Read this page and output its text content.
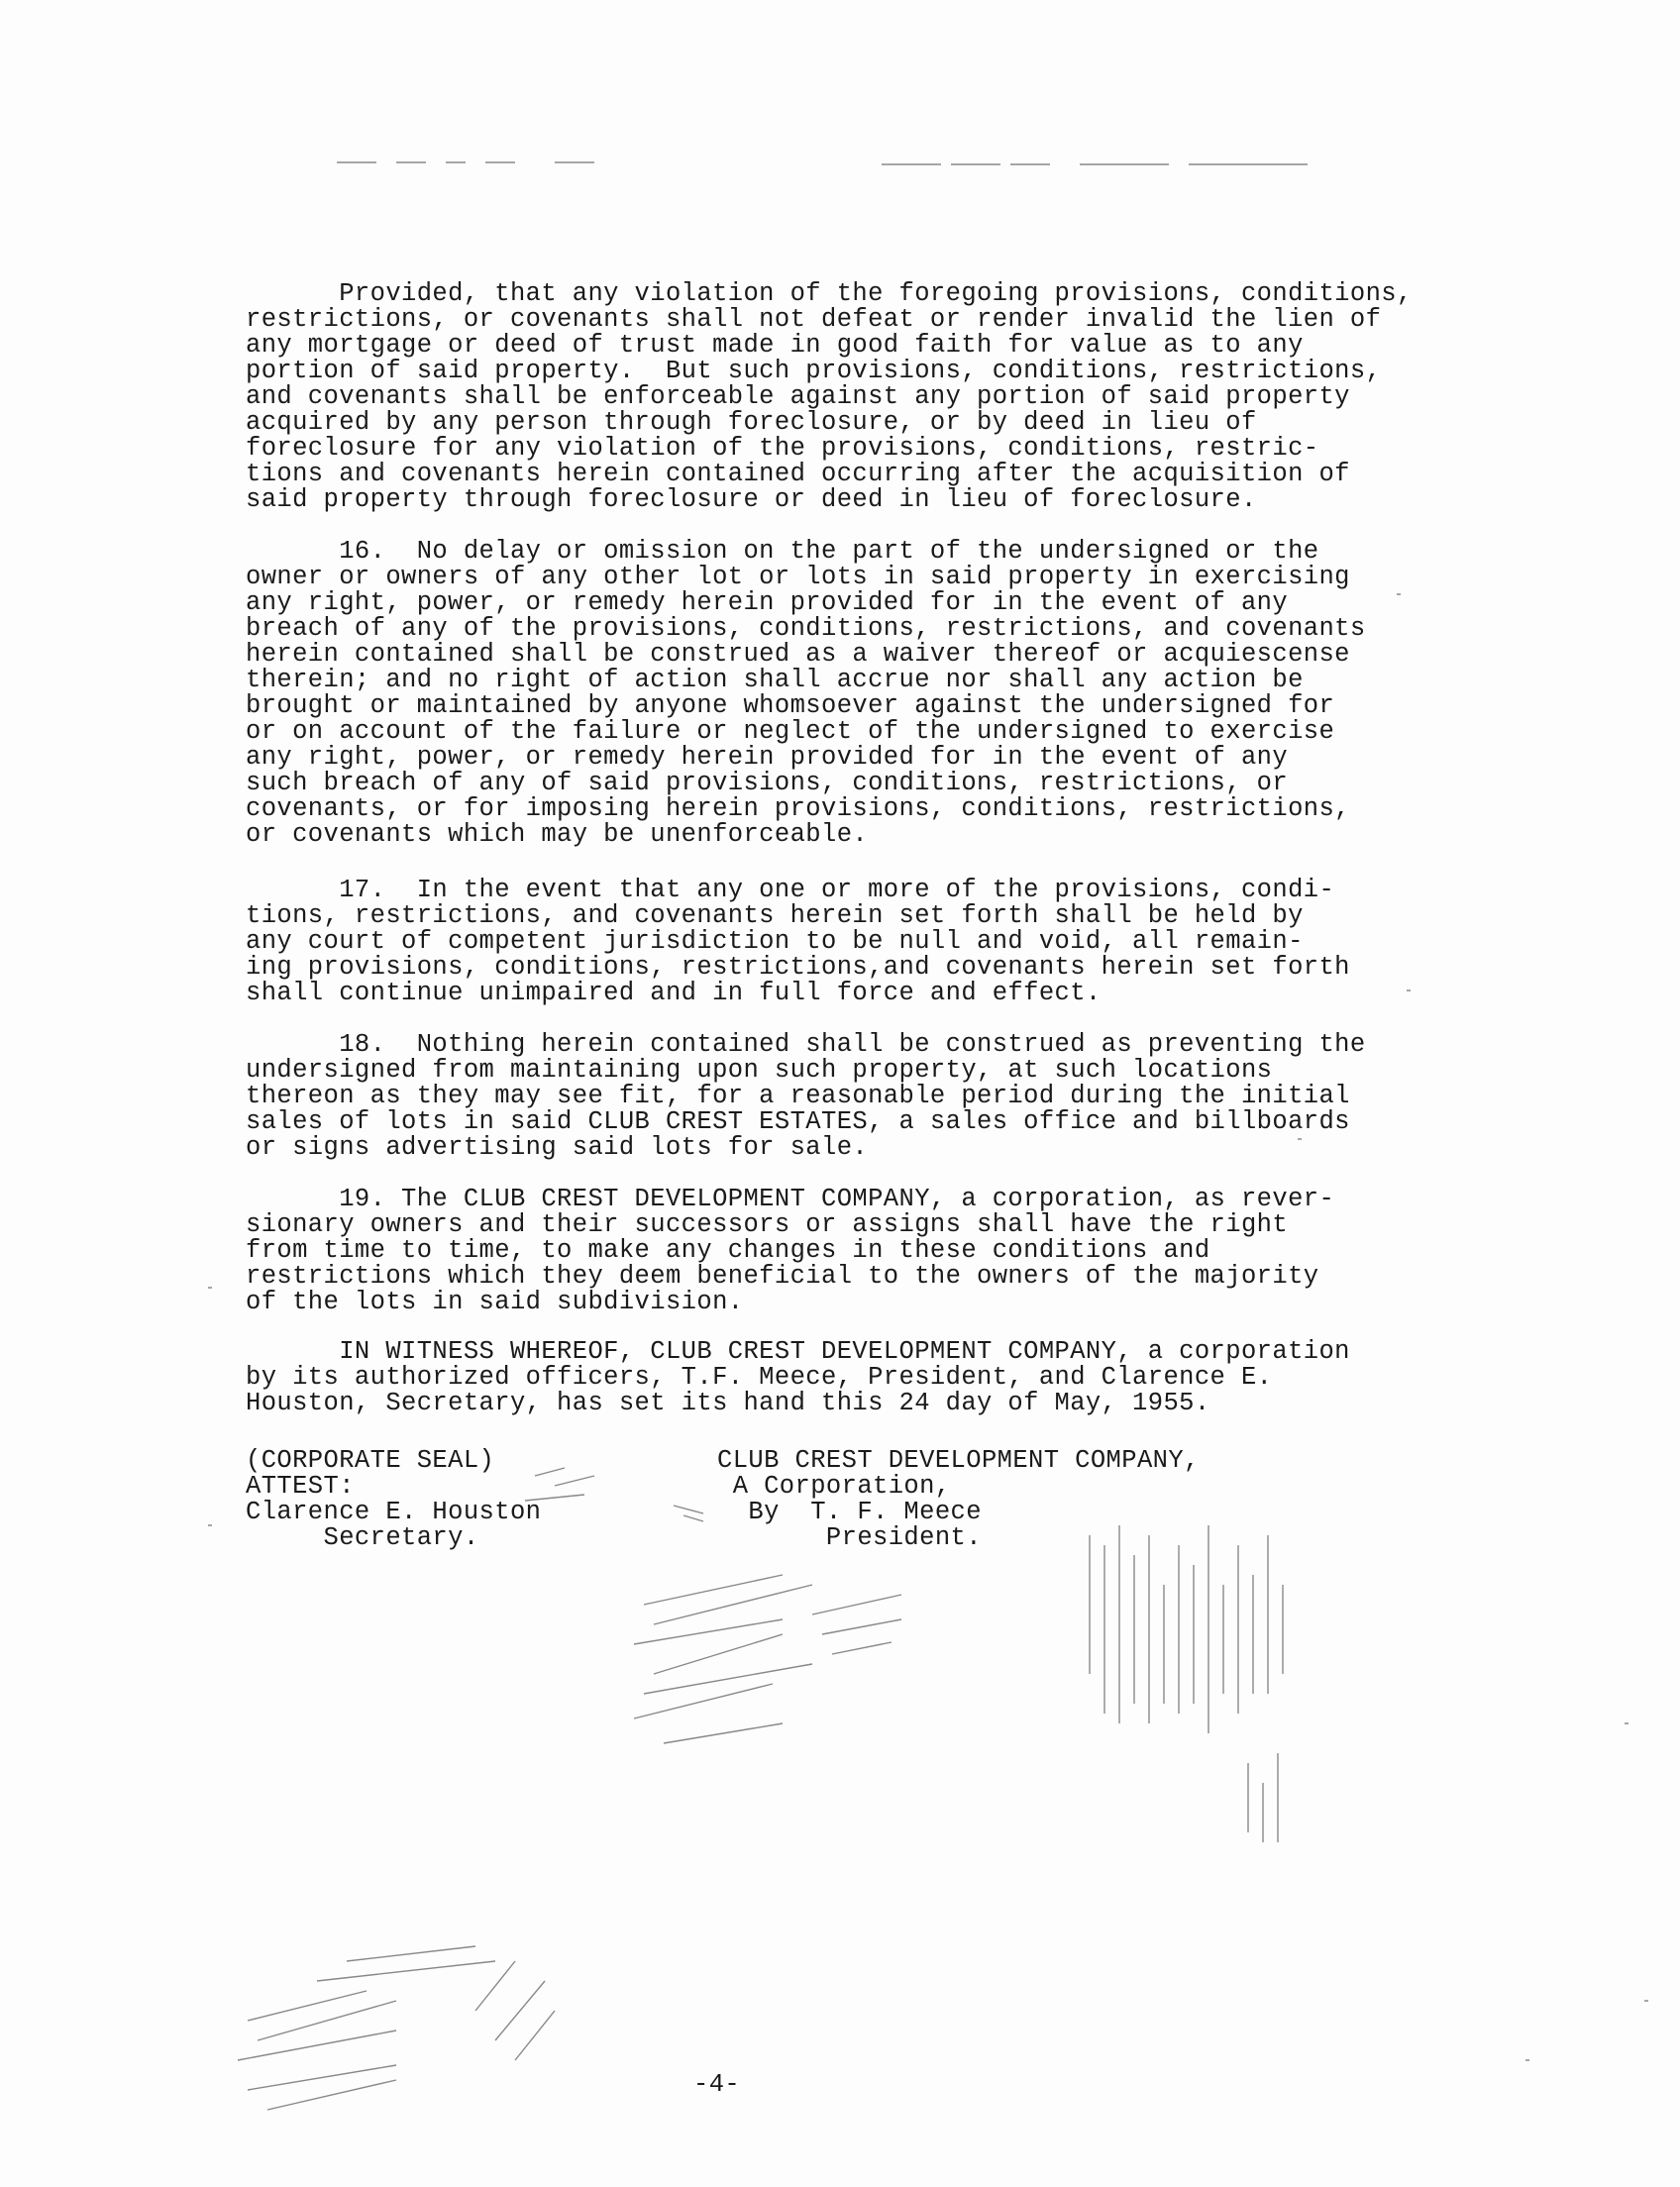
Provided, that any violation of the foregoing provisions, conditions,
restrictions, or covenants shall not defeat or render invalid the lien of
any mortgage or deed of trust made in good faith for value as to any
portion of said property.  But such provisions, conditions, restrictions,
and covenants shall be enforceable against any portion of said property
acquired by any person through foreclosure, or by deed in lieu of
foreclosure for any violation of the provisions, conditions, restric-
tions and covenants herein contained occurring after the acquisition of
said property through foreclosure or deed in lieu of foreclosure.

16.  No delay or omission on the part of the undersigned or the
owner or owners of any other lot or lots in said property in exercising
any right, power, or remedy herein provided for in the event of any
breach of any of the provisions, conditions, restrictions, and covenants
herein contained shall be construed as a waiver thereof or acquiescense
therein; and no right of action shall accrue nor shall any action be
brought or maintained by anyone whomsoever against the undersigned for
or on account of the failure or neglect of the undersigned to exercise
any right, power, or remedy herein provided for in the event of any
such breach of any of said provisions, conditions, restrictions, or
covenants, or for imposing herein provisions, conditions, restrictions,
or covenants which may be unenforceable.

17.  In the event that any one or more of the provisions, condi-
tions, restrictions, and covenants herein set forth shall be held by
any court of competent jurisdiction to be null and void, all remain-
ing provisions, conditions, restrictions,and covenants herein set forth
shall continue unimpaired and in full force and effect.

18.  Nothing herein contained shall be construed as preventing the
undersigned from maintaining upon such property, at such locations
thereon as they may see fit, for a reasonable period during the initial
sales of lots in said CLUB CREST ESTATES, a sales office and billboards
or signs advertising said lots for sale.

19. The CLUB CREST DEVELOPMENT COMPANY, a corporation, as rever-
sionary owners and their successors or assigns shall have the right
from time to time, to make any changes in these conditions and
restrictions which they deem beneficial to the owners of the majority
of the lots in said subdivision.

IN WITNESS WHEREOF, CLUB CREST DEVELOPMENT COMPANY, a corporation
by its authorized officers, T.F. Meece, President, and Clarence E.
Houston, Secretary, has set its hand this 24 day of May, 1955.

(CORPORATE SEAL)
ATTEST:
Clarence E. Houston
Secretary.

CLUB CREST DEVELOPMENT COMPANY,
A Corporation,
By  T. F. Meece
President.

-4-
